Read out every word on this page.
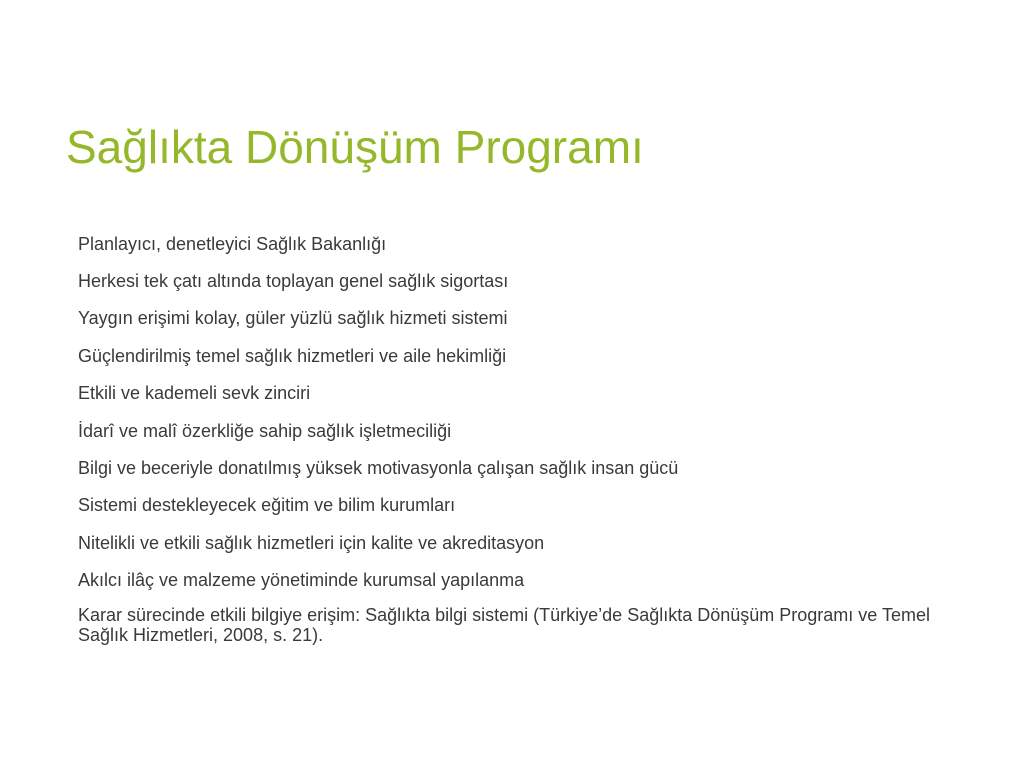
Sağlıkta Dönüşüm Programı
Planlayıcı, denetleyici Sağlık Bakanlığı
Herkesi tek çatı altında toplayan genel sağlık sigortası
Yaygın erişimi kolay, güler yüzlü sağlık hizmeti sistemi
Güçlendirilmiş temel sağlık hizmetleri ve aile hekimliği
Etkili ve kademeli sevk zinciri
İdarî ve malî özerkliğe sahip sağlık işletmeciliği
Bilgi ve beceriyle donatılmış yüksek motivasyonla çalışan sağlık insan gücü
Sistemi destekleyecek eğitim ve bilim kurumları
Nitelikli ve etkili sağlık hizmetleri için kalite ve akreditasyon
Akılcı ilâç ve malzeme yönetiminde kurumsal yapılanma
Karar sürecinde etkili bilgiye erişim: Sağlıkta bilgi sistemi (Türkiye’de Sağlıkta Dönüşüm Programı ve Temel Sağlık Hizmetleri, 2008, s. 21).
